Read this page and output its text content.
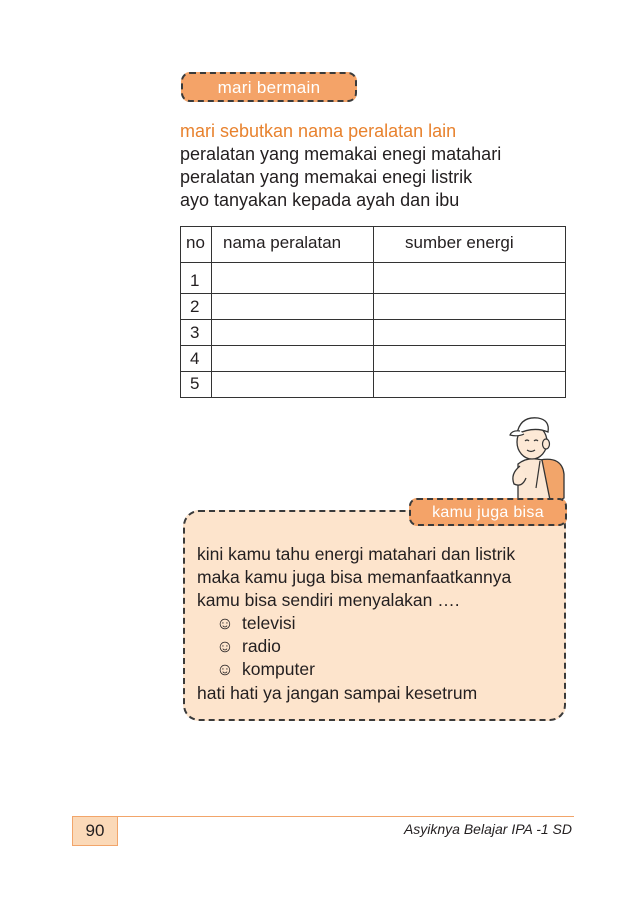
mari bermain
mari sebutkan nama peralatan lain
peralatan yang memakai enegi matahari
peralatan yang memakai enegi listrik
ayo tanyakan kepada ayah dan ibu
no nama peralatan	sumber energi
1
2
3
4
5
kamu juga bisa
kini kamu tahu energi matahari dan listrik
maka kamu juga bisa memanfaatkannya
kamu bisa sendiri menyalakan ….
☺ televisi
☺ radio
☺ komputer
hati hati ya jangan sampai kesetrum
90	Asyiknya Belajar IPA -1 SD
